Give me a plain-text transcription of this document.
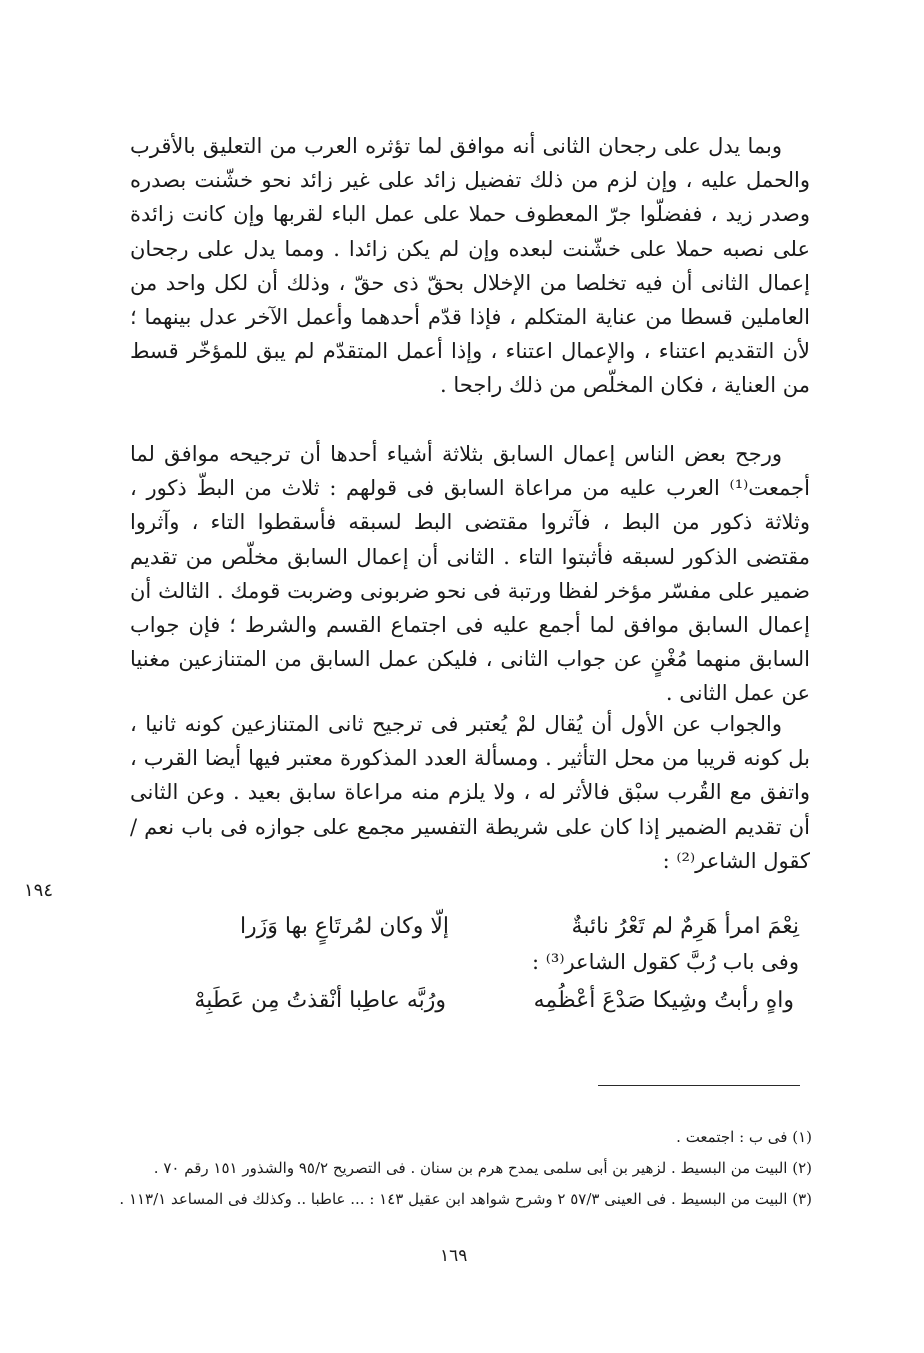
وبما يدل على رجحان الثانى أنه موافق لما تؤثره العرب من التعليق بالأقرب والحمل عليه ، وإن لزم من ذلك تفضيل زائد على غير زائد نحو خشّنت بصدره وصدر زيد ، ففضلّوا جرّ المعطوف حملا على عمل الباء لقربها وإن كانت زائدة على نصبه حملا على خشّنت لبعده وإن لم يكن زائدا . ومما يدل على رجحان إعمال الثانى أن فيه تخلصا من الإخلال بحقّ ذى حقّ ، وذلك أن لكل واحد من العاملين قسطا من عناية المتكلم ، فإذا قدّم أحدهما وأعمل الآخر عدل بينهما ؛ لأن التقديم اعتناء ، والإعمال اعتناء ، وإذا أعمل المتقدّم لم يبق للمؤخّر قسط من العناية ، فكان المخلّص من ذلك راجحا .

ورجح بعض الناس إعمال السابق بثلاثة أشياء أحدها أن ترجيحه موافق لما أجمعت⁽¹⁾ العرب عليه من مراعاة السابق فى قولهم : ثلاث من البطّ ذكور ، وثلاثة ذكور من البط ، فآثروا مقتضى البط لسبقه فأسقطوا التاء ، وآثروا مقتضى الذكور لسبقه فأثبتوا التاء . الثانى أن إعمال السابق مخلّص من تقديم ضمير على مفسّر مؤخر لفظا ورتبة فى نحو ضربونى وضربت قومك . الثالث أن إعمال السابق موافق لما أجمع عليه فى اجتماع القسم والشرط ؛ فإن جواب السابق منهما مُغْنٍ عن جواب الثانى ، فليكن عمل السابق من المتنازعين مغنيا عن عمل الثانى .

والجواب عن الأول أن يُقال لمْ يُعتبر فى ترجيح ثانى المتنازعين كونه ثانيا ، بل كونه قريبا من محل التأثير . ومسألة العدد المذكورة معتبر فيها أيضا القرب ، واتفق مع القُرب سبْق فالأثر له ، ولا يلزم منه مراعاة سابق بعيد . وعن الثانى أن تقديم الضمير إذا كان على شريطة التفسير مجمع على جوازه فى باب نعم / كقول الشاعر⁽²⁾ :

نِعْمَ امرأ هَرِمٌ لم تَعْرُ نائبةٌ
إلّا وكان لمُرتَاعٍ بها وَزَرا
وفى باب رُبَّ كقول الشاعر⁽³⁾ :
واهٍ رأبتُ وشِيكا صَدْعَ أعْظُمِه
ورُبَّه عاطِبا أنْقذتُ مِن عَطَبِهْ
١٩٤
(١) فى ب : اجتمعت .
(٢) البيت من البسيط . لزهير بن أبى سلمى يمدح هرم بن سنان . فى التصريح ٩٥/٢ والشذور ١٥١ رقم ٧٠ .
(٣) البيت من البسيط . فى العينى ٥٧/٣ ٢ وشرح شواهد ابن عقيل ١٤٣ : ... عاطبا .. وكذلك فى المساعد ١١٣/١ .
١٦٩
